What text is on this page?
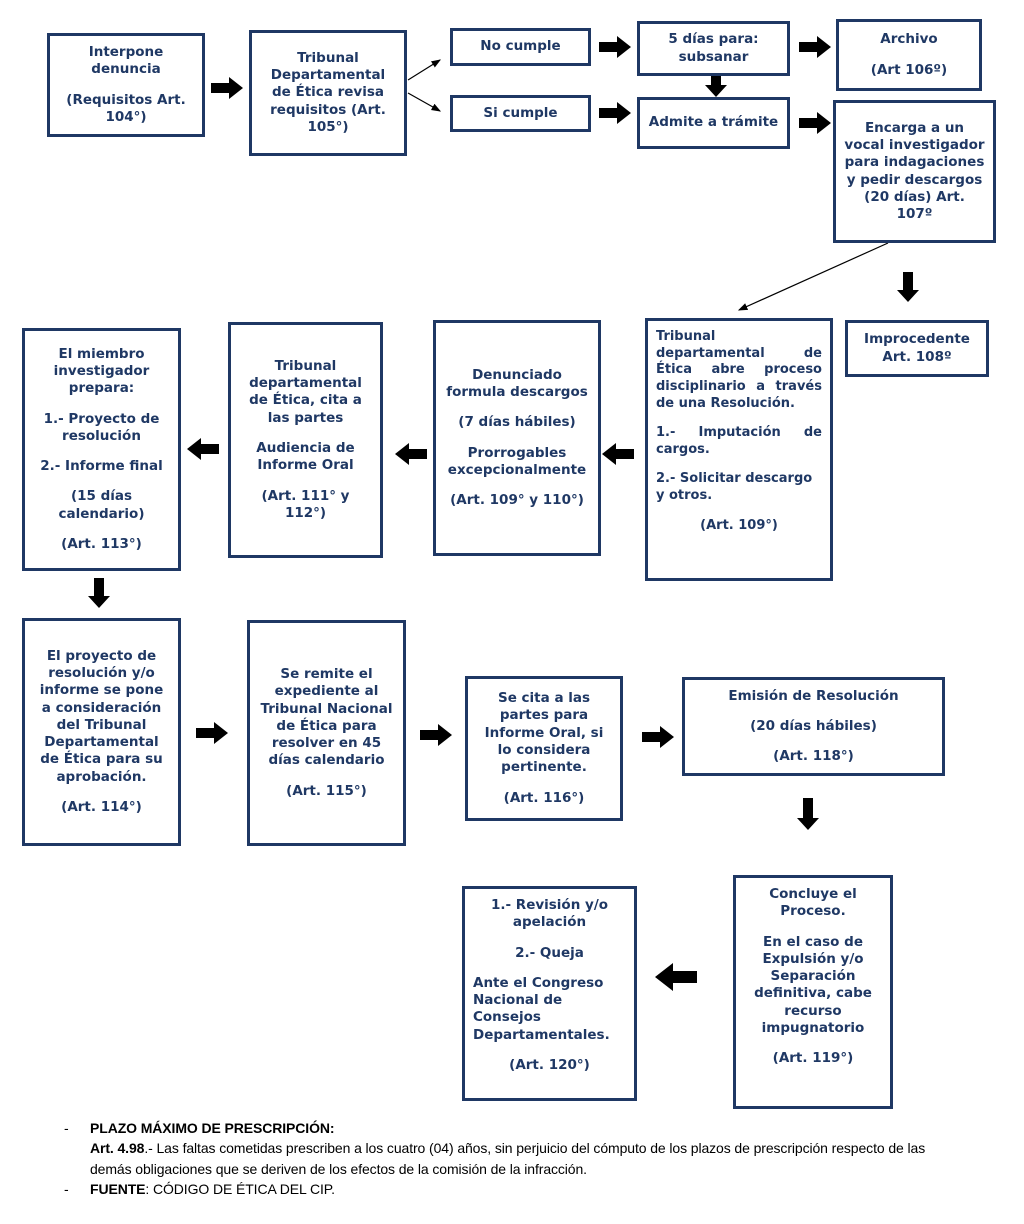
Interpone denuncia

(Requisitos Art. 104°)

Tribunal Departamental de Ética revisa requisitos (Art. 105°)

No cumple	5 días para: subsanar

Archivo

(Art 106º)

Si cumple

Admite a trámite	Encarga a un vocal investigador para indagaciones y pedir descargos (20 días) Art. 107º

Improcedente Art. 108º

Tribunal departamental de Ética abre proceso disciplinario a través de una Resolución.

1.- Imputación de cargos.

2.- Solicitar descargo y otros.

(Art. 109°)

Denunciado formula descargos

(7 días hábiles)

Prorrogables excepcionalmente

(Art. 109° y 110°)

Tribunal departamental de Ética, cita a las partes

Audiencia de Informe Oral

(Art. 111° y 112°)

El miembro investigador prepara:

1.- Proyecto de resolución

2.- Informe final

(15 días calendario)

(Art. 113°)

El proyecto de resolución y/o informe se pone a consideración del Tribunal Departamental de Ética para su aprobación.

(Art. 114°)

Se remite el expediente al Tribunal Nacional de Ética para resolver en 45 días calendario

(Art. 115°)

Se cita a las partes para Informe Oral, si lo considera pertinente.

(Art. 116°)

Emisión de Resolución

(20 días hábiles)

(Art. 118°)

Concluye el Proceso.

En el caso de Expulsión y/o Separación definitiva, cabe recurso impugnatorio

(Art. 119°)

1.- Revisión y/o apelación

2.- Queja

Ante el Congreso Nacional de Consejos Departamentales.

(Art. 120°)

-	PLAZO MÁXIMO DE PRESCRIPCIÓN:
Art. 4.98.- Las faltas cometidas prescriben a los cuatro (04) años, sin perjuicio del cómputo de los plazos de prescripción respecto de las demás obligaciones que se deriven de los efectos de la comisión de la infracción.
-	FUENTE: CÓDIGO DE ÉTICA DEL CIP.
